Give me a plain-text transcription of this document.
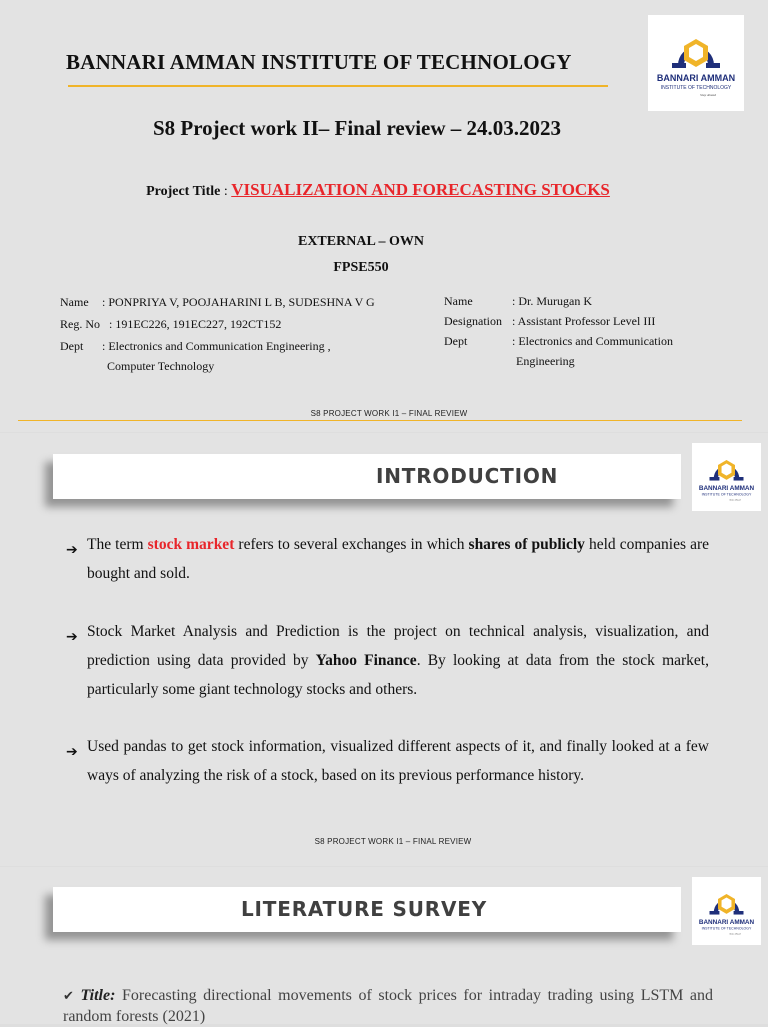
BANNARI AMMAN INSTITUTE OF TECHNOLOGY
BANNARI AMMAN
INSTITUTE OF TECHNOLOGY
Stay Ahead
S8 Project work II– Final review – 24.03.2023
Project Title : VISUALIZATION AND FORECASTING STOCKS
EXTERNAL – OWN
FPSE550
Name	: PONPRIYA V, POOJAHARINI L B, SUDESHNA V G
Reg. No : 191EC226, 191EC227, 192CT152
Dept	: Electronics and Communication Engineering ,
Computer Technology
Name	: Dr. Murugan K
Designation : Assistant Professor Level III
Dept	: Electronics and Communication
Engineering
S8 PROJECT WORK I1 – FINAL REVIEW
INTRODUCTION
BANNARI AMMAN
INSTITUTE OF TECHNOLOGY
Stay Ahead
➔ The term stock market refers to several exchanges in which shares of publicly held companies are bought and sold.
➔ Stock Market Analysis and Prediction is the project on technical analysis, visualization, and prediction using data provided by Yahoo Finance. By looking at data from the stock market, particularly some giant technology stocks and others.
➔ Used pandas to get stock information, visualized different aspects of it, and finally looked at a few ways of analyzing the risk of a stock, based on its previous performance history.
S8 PROJECT WORK I1 – FINAL REVIEW
LITERATURE SURVEY
BANNARI AMMAN
INSTITUTE OF TECHNOLOGY
Stay Ahead
✔ Title: Forecasting directional movements of stock prices for intraday trading using LSTM and random forests (2021)
